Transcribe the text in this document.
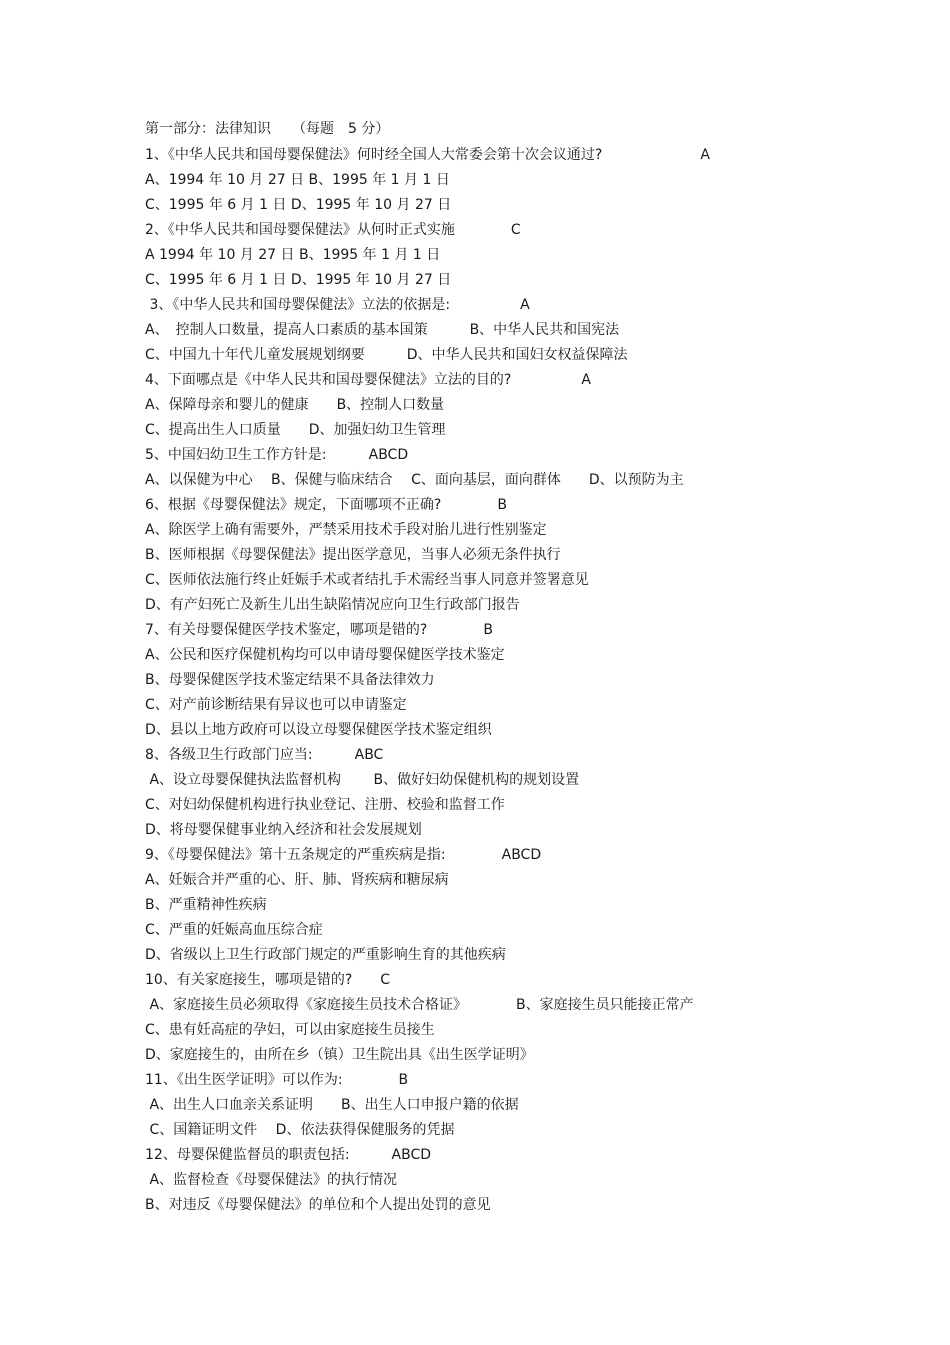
第一部分：法律知识　　（每题　5 分）
1、《中华人民共和国母婴保健法》何时经全国人大常委会第十次会议通过?　　　　　　　A
A、1994 年 10 月 27 日 B、1995 年 1 月 1 日
C、1995 年 6 月 1 日 D、1995 年 10 月 27 日
2、《中华人民共和国母婴保健法》从何时正式实施　　　　C
A 1994 年 10 月 27 日 B、1995 年 1 月 1 日
C、1995 年 6 月 1 日 D、1995 年 10 月 27 日
3、《中华人民共和国母婴保健法》立法的依据是:　　　　　A
A、　控制人口数量，提高人口素质的基本国策　　　B、中华人民共和国宪法
C、中国九十年代儿童发展规划纲要　　　D、中华人民共和国妇女权益保障法
4、下面哪点是《中华人民共和国母婴保健法》立法的目的?　　　　　A
A、保障母亲和婴儿的健康　　B、控制人口数量
C、提高出生人口质量　　D、加强妇幼卫生管理
5、中国妇幼卫生工作方针是:　　　ABCD
A、以保健为中心　 B、保健与临床结合　 C、面向基层，面向群体　　D、以预防为主
6、根据《母婴保健法》规定，下面哪项不正确?　　　　B
A、除医学上确有需要外，严禁采用技术手段对胎儿进行性别鉴定
B、医师根据《母婴保健法》提出医学意见，当事人必须无条件执行
C、医师依法施行终止妊娠手术或者结扎手术需经当事人同意并签署意见
D、有产妇死亡及新生儿出生缺陷情况应向卫生行政部门报告
7、有关母婴保健医学技术鉴定，哪项是错的?　　　　B
A、公民和医疗保健机构均可以申请母婴保健医学技术鉴定
B、母婴保健医学技术鉴定结果不具备法律效力
C、对产前诊断结果有异议也可以申请鉴定
D、县以上地方政府可以设立母婴保健医学技术鉴定组织
8、各级卫生行政部门应当:　　　ABC
A、设立母婴保健执法监督机构　　 B、做好妇幼保健机构的规划设置
C、对妇幼保健机构进行执业登记、注册、校验和监督工作
D、将母婴保健事业纳入经济和社会发展规划
9、《母婴保健法》第十五条规定的严重疾病是指:　　　　ABCD
A、妊娠合并严重的心、肝、肺、肾疾病和糖尿病
B、严重精神性疾病
C、严重的妊娠高血压综合症
D、省级以上卫生行政部门规定的严重影响生育的其他疾病
10、有关家庭接生，哪项是错的?　　C
A、家庭接生员必须取得《家庭接生员技术合格证》　　　　B、家庭接生员只能接正常产
C、患有妊高症的孕妇，可以由家庭接生员接生
D、家庭接生的，由所在乡（镇）卫生院出具《出生医学证明》
11、《出生医学证明》可以作为:　　　　B
A、出生人口血亲关系证明　　B、出生人口申报户籍的依据
C、国籍证明文件　 D、依法获得保健服务的凭据
12、母婴保健监督员的职责包括:　　　ABCD
A、监督检查《母婴保健法》的执行情况
B、对违反《母婴保健法》的单位和个人提出处罚的意见
